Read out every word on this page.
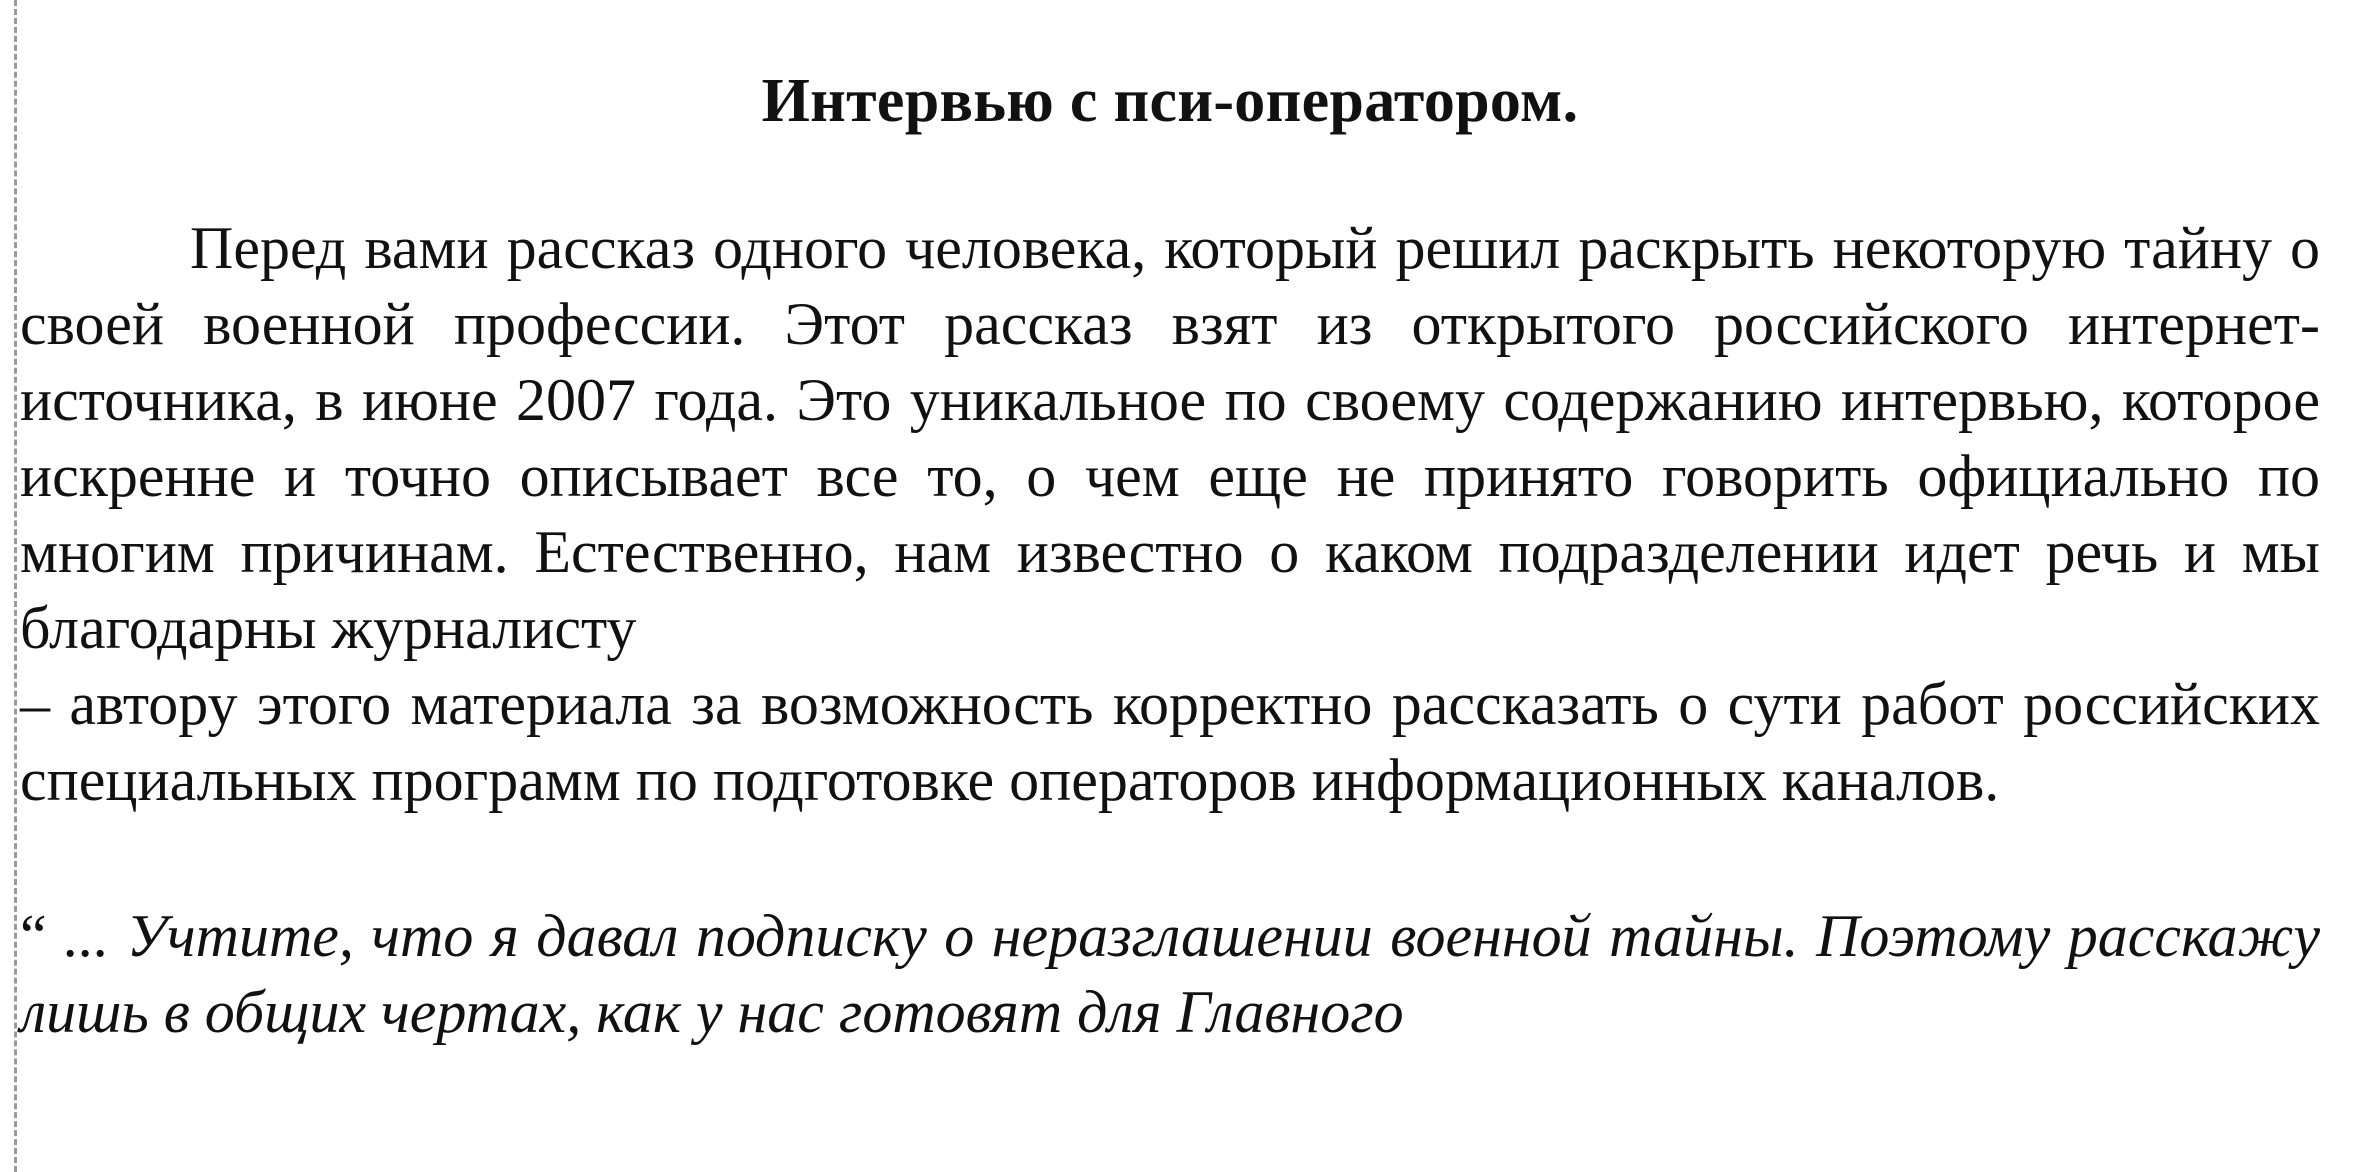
Интервью с пси-оператором.

Перед вами рассказ одного человека, который решил раскрыть некоторую тайну о своей военной профессии. Этот рассказ взят из открытого российского интернет-источника, в июне 2007 года. Это уникальное по своему содержанию интервью, которое искренне и точно описывает все то, о чем еще не принято говорить официально по многим причинам. Естественно, нам известно о каком подразделении идет речь и мы благодарны журналисту

– автору этого материала за возможность корректно рассказать о сути работ российских специальных программ по подготовке операторов информационных каналов.

“ ... Учтите, что я давал подписку о неразглашении военной тайны. Поэтому расскажу лишь в общих чертах, как у нас готовят для Главного
